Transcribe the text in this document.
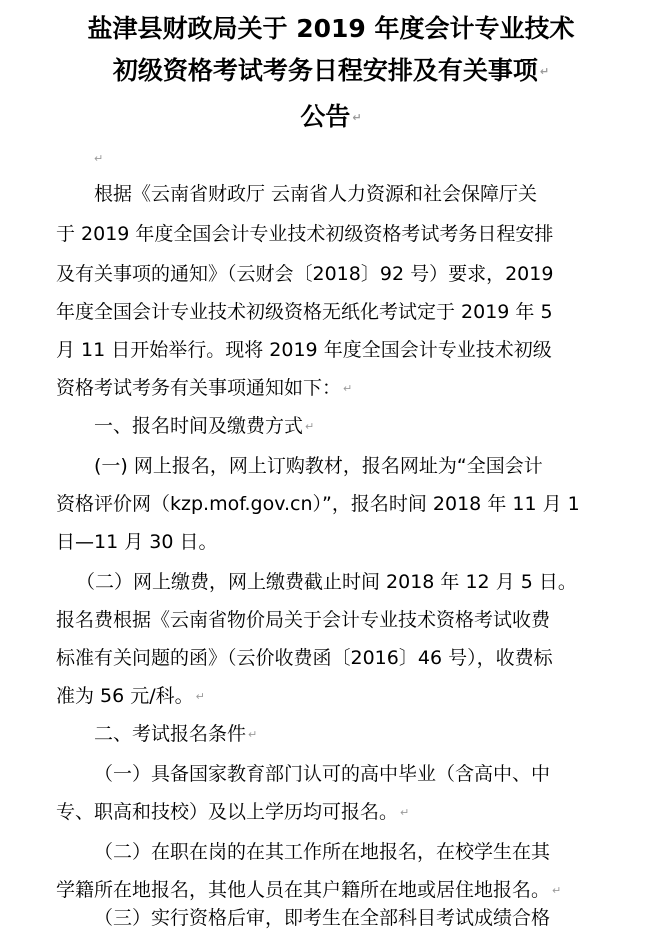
盐津县财政局关于 2019 年度会计专业技术
初级资格考试考务日程安排及有关事项 ↵
公告 ↵
↵
根据《云南省财政厅 云南省人力资源和社会保障厅关
于 2019 年度全国会计专业技术初级资格考试考务日程安排
及有关事项的通知》（云财会〔2018〕92 号）要求，2019
年度全国会计专业技术初级资格无纸化考试定于 2019 年 5
月 11 日开始举行。现将 2019 年度全国会计专业技术初级
资格考试考务有关事项通知如下： ↵
一、报名时间及缴费方式 ↵
(一) 网上报名，网上订购教材，报名网址为“全国会计
资格评价网（kzp.mof.gov.cn）”，报名时间 2018 年 11 月 1
日—11 月 30 日。
（二）网上缴费，网上缴费截止时间 2018 年 12 月 5 日。
报名费根据《云南省物价局关于会计专业技术资格考试收费
标准有关问题的函》（云价收费函〔2016〕46 号），收费标
准为 56 元/科。 ↵
二、考试报名条件 ↵
（一）具备国家教育部门认可的高中毕业（含高中、中
专、职高和技校）及以上学历均可报名。 ↵
（二）在职在岗的在其工作所在地报名，在校学生在其
学籍所在地报名，其他人员在其户籍所在地或居住地报名。 ↵
（三）实行资格后审，即考生在全部科目考试成绩合格
